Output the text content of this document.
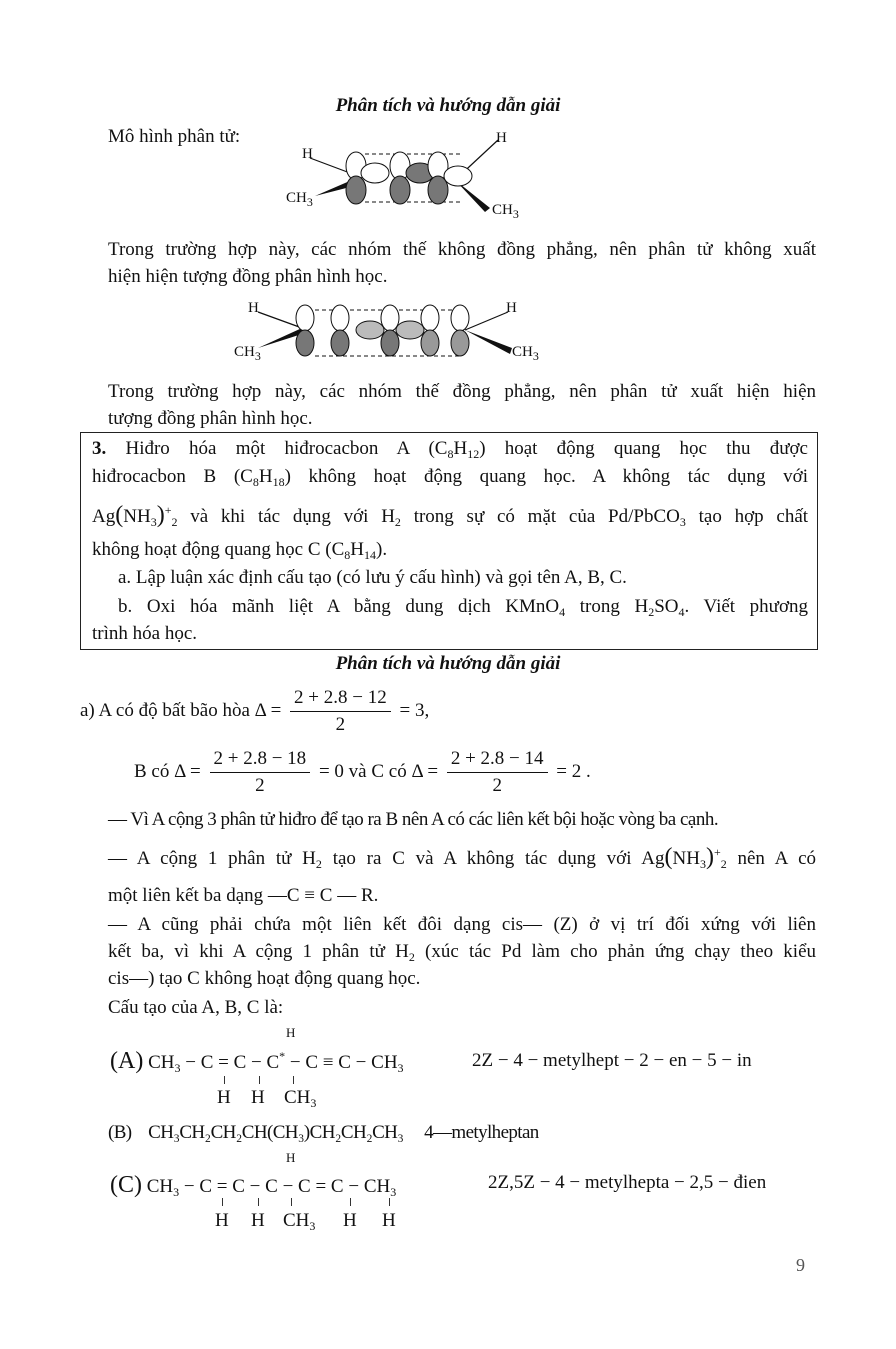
Phân tích và hướng dẫn giải
Mô hình phân tử:
H
$CH_3$
H
$CH_3$
Trong trường hợp này, các nhóm thế không đồng phẳng, nên phân tử không xuất
hiện hiện tượng đồng phân hình học.
H
$CH_3$
H
$CH_3$
Trong trường hợp này, các nhóm thế đồng phẳng, nên phân tử xuất hiện hiện
tượng đồng phân hình học.
3. Hiđro hóa một hiđrocacbon A $(C_8H_{12})$ hoạt động quang học thu được
hiđrocacbon B $(C_8H_{18})$ không hoạt động quang học. A không tác dụng với
$Ag(NH_3)^+_2$ và khi tác dụng với $H_2$ trong sự có mặt của Pd/PbCO$_3$ tạo hợp chất
không hoạt động quang học C $(C_8H_{14})$.
a. Lập luận xác định cấu tạo (có lưu ý cấu hình) và gọi tên A, B, C.
b. Oxi hóa mãnh liệt A bằng dung dịch KMnO$_4$ trong $H_2SO_4$. Viết phương
trình hóa học.
Phân tích và hướng dẫn giải
a) A có độ bất bão hòa $\Delta = \frac{2 + 2.8 - 12}{2} = 3$,
B có $\Delta = \frac{2 + 2.8 - 18}{2} = 0$ và C có $\Delta = \frac{2 + 2.8 - 14}{2} = 2$ .
— Vì A cộng 3 phân tử hiđro để tạo ra B nên A có các liên kết bội hoặc vòng ba cạnh.
— A cộng 1 phân tử $H_2$ tạo ra C và A không tác dụng với $Ag(NH_3)^+_2$ nên A có
một liên kết ba dạng —C ≡ C — R.
— A cũng phải chứa một liên kết đôi dạng cis— (Z) ở vị trí đối xứng với liên
kết ba, vì khi A cộng 1 phân tử $H_2$ (xúc tác Pd làm cho phản ứng chạy theo kiểu
cis—) tạo C không hoạt động quang học.
Cấu tạo của A, B, C là:
H
(A) $CH_3 - C = C - C^* - C \equiv C - CH_3$	2Z − 4 − metylhept − 2 − en − 5 − in
H H $CH_3$
(B) CH₃CH₂CH₂CH(CH₃)CH₂CH₂CH₃ 4—metylheptan
H
(C) $CH_3 - C = C - C - C = C - CH_3$	2Z,5Z − 4 − metylhepta − 2,5 − đien
H H $CH_3$ H H
9
